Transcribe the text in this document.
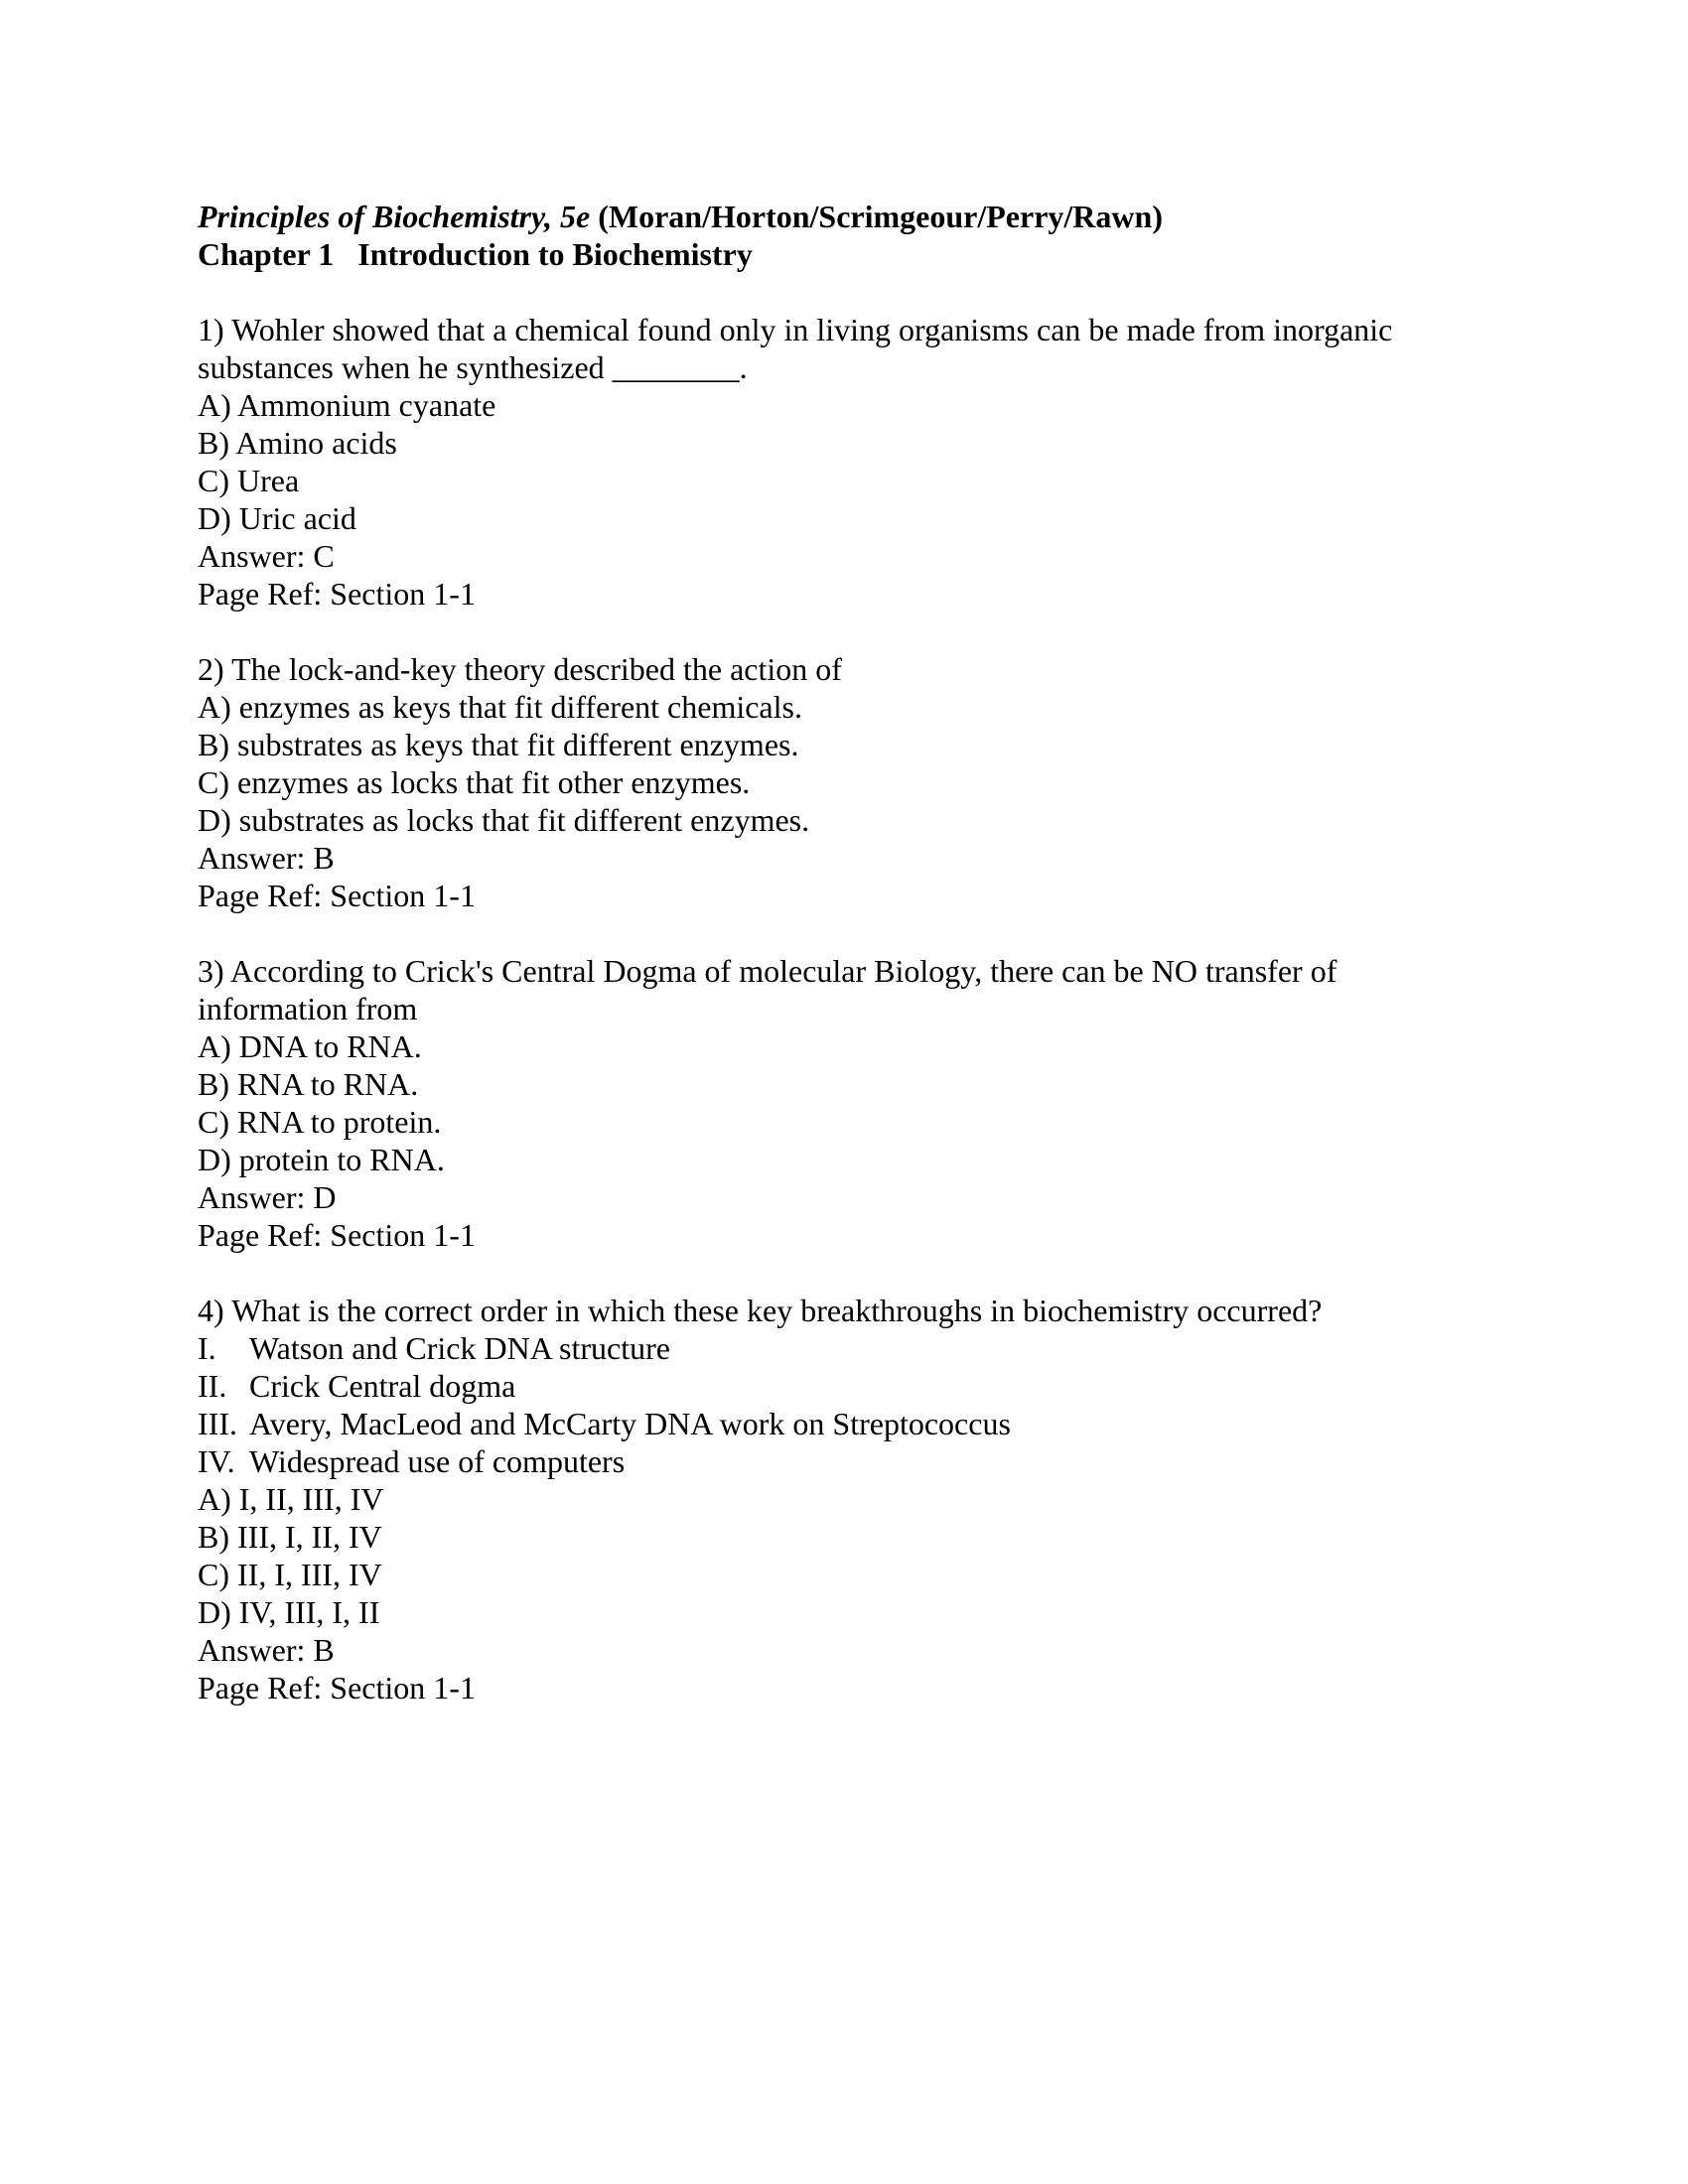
Principles of Biochemistry, 5e (Moran/Horton/Scrimgeour/Perry/Rawn)
Chapter 1 Introduction to Biochemistry
1) Wohler showed that a chemical found only in living organisms can be made from inorganic
substances when he synthesized ________.
A) Ammonium cyanate
B) Amino acids
C) Urea
D) Uric acid
Answer: C
Page Ref: Section 1-1
2) The lock-and-key theory described the action of
A) enzymes as keys that fit different chemicals.
B) substrates as keys that fit different enzymes.
C) enzymes as locks that fit other enzymes.
D) substrates as locks that fit different enzymes.
Answer: B
Page Ref: Section 1-1
3) According to Crick's Central Dogma of molecular Biology, there can be NO transfer of
information from
A) DNA to RNA.
B) RNA to RNA.
C) RNA to protein.
D) protein to RNA.
Answer: D
Page Ref: Section 1-1
4) What is the correct order in which these key breakthroughs in biochemistry occurred?
I. Watson and Crick DNA structure
II. Crick Central dogma
III. Avery, MacLeod and McCarty DNA work on Streptococcus
IV. Widespread use of computers
A) I, II, III, IV
B) III, I, II, IV
C) II, I, III, IV
D) IV, III, I, II
Answer: B
Page Ref: Section 1-1
